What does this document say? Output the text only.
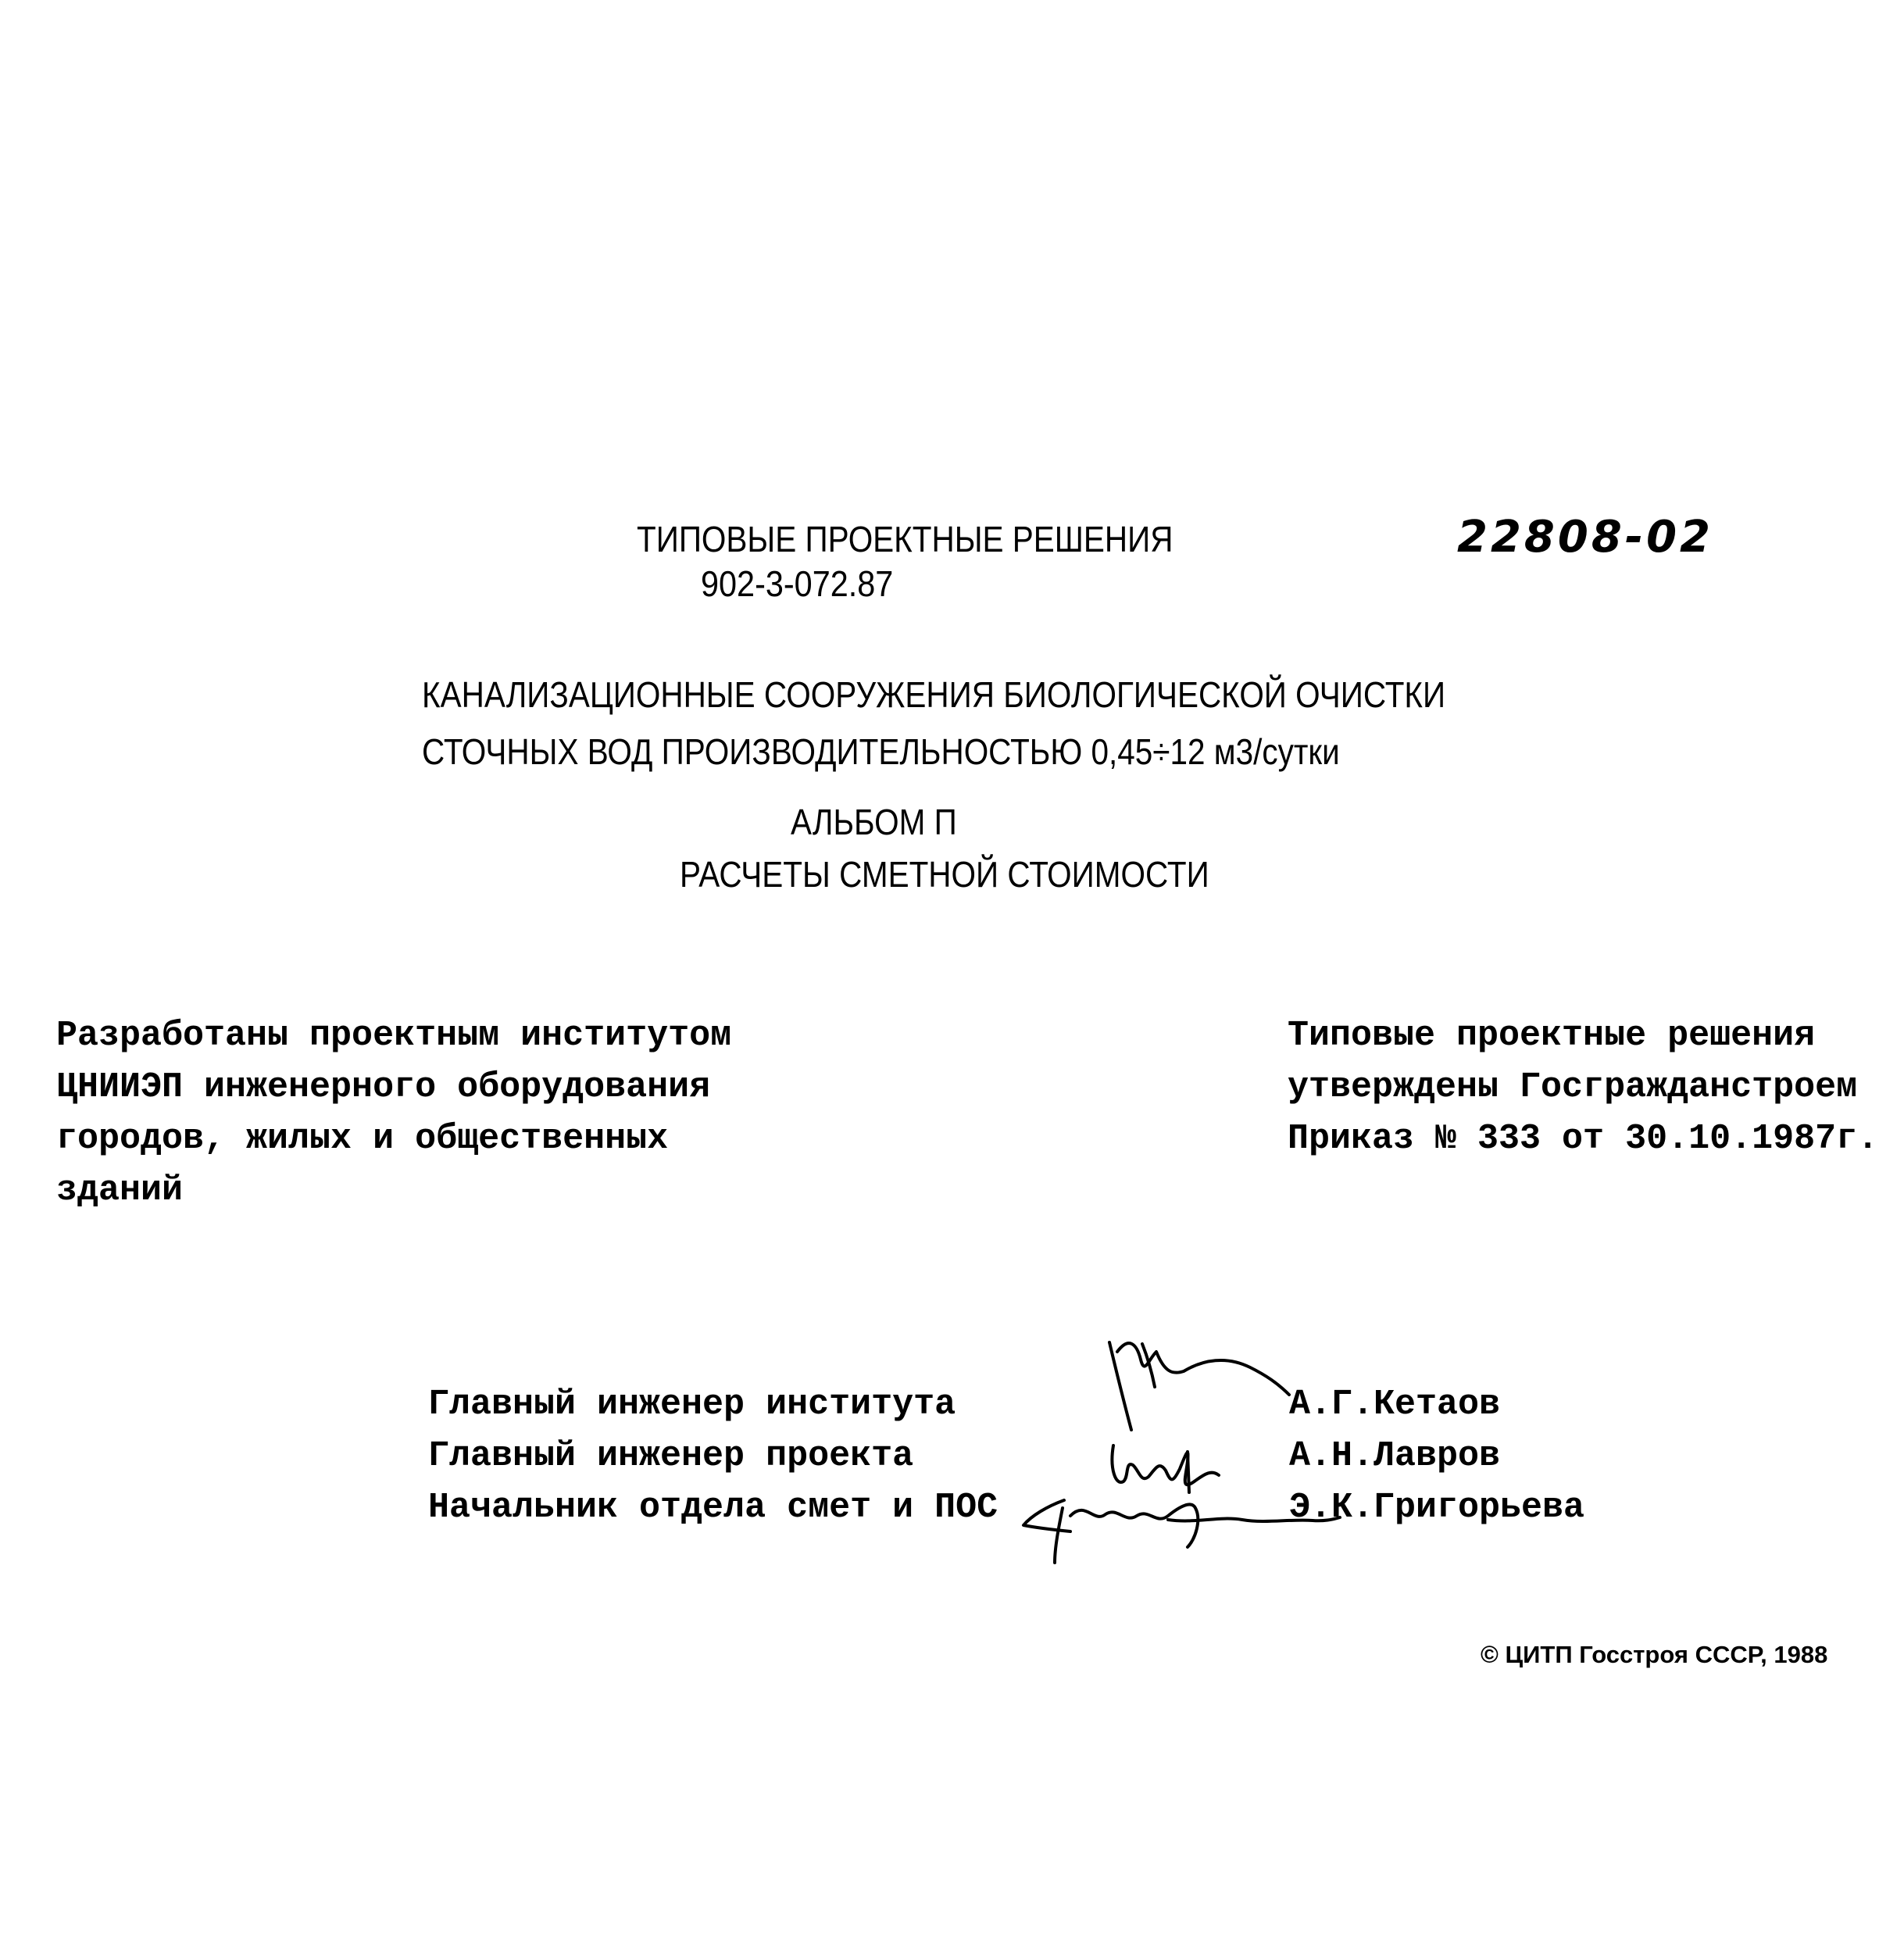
ТИПОВЫЕ ПРОЕКТНЫЕ РЕШЕНИЯ
902-3-072.87
22808-02
КАНАЛИЗАЦИОННЫЕ СООРУЖЕНИЯ БИОЛОГИЧЕСКОЙ ОЧИСТКИ
СТОЧНЫХ ВОД ПРОИЗВОДИТЕЛЬНОСТЬЮ 0,45÷12 м3/сутки
АЛЬБОМ П
РАСЧЕТЫ СМЕТНОЙ СТОИМОСТИ
Разработаны проектным институтом
ЦНИИЭП инженерного оборудования
городов, жилых и общественных
зданий
Типовые проектные решения
утверждены Госгражданстроем
Приказ № 333 от 30.10.1987г.
Главный инженер института
Главный инженер проекта
Начальник отдела смет и ПОС
А.Г.Кетаов
А.Н.Лавров
Э.К.Григорьева
© ЦИТП Госстроя СССР, 1988
